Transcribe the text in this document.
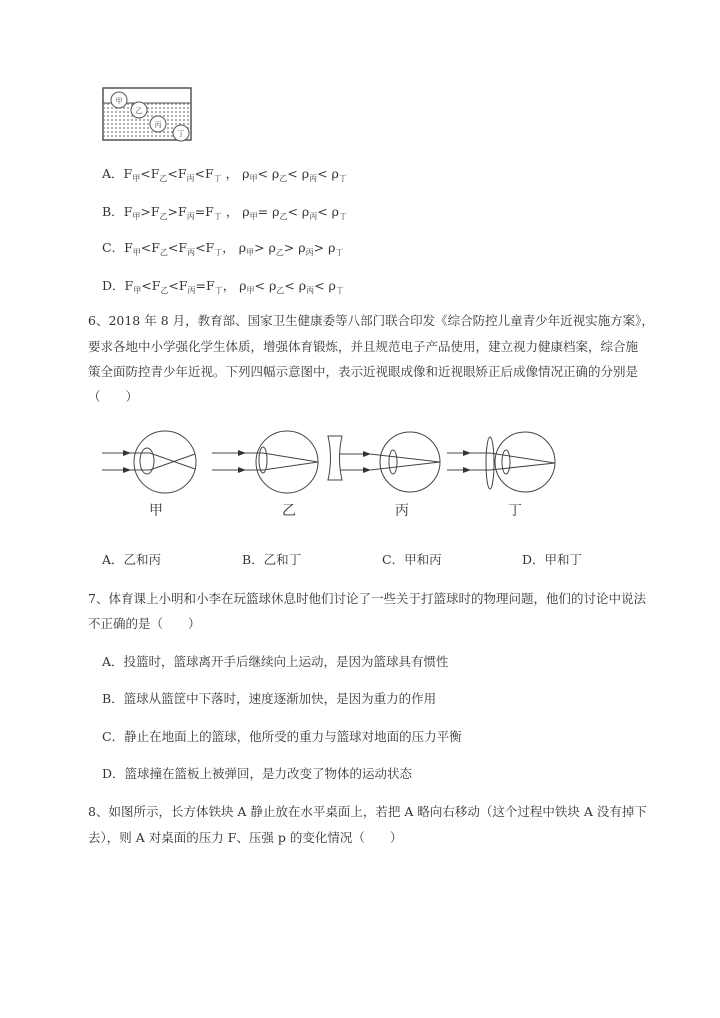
甲
乙
丙
丁
A．$F_甲<F_乙<F_丙<F_丁$ ， $\rho_甲< \rho_乙< \rho_丙< \rho_丁$
B．$F_甲>F_乙>F_丙=F_丁$ ， $\rho_甲= \rho_乙< \rho_丙< \rho_丁$
C．$F_甲<F_乙<F_丙<F_丁$， $\rho_甲> \rho_乙> \rho_丙> \rho_丁$
D．$F_甲<F_乙<F_丙=F_丁$， $\rho_甲< \rho_乙< \rho_丙< \rho_丁$
6、2018 年 8 月，教育部、国家卫生健康委等八部门联合印发《综合防控儿童青少年近视实施方案》，
要求各地中小学强化学生体质，增强体育锻炼，并且规范电子产品使用，建立视力健康档案，综合施
策全面防控青少年近视。下列四幅示意图中，表示近视眼成像和近视眼矫正后成像情况正确的分别是
（　　）
甲	乙	丙	丁
A．乙和丙	B．乙和丁	C．甲和丙	D．甲和丁
7、体育课上小明和小李在玩篮球休息时他们讨论了一些关于打篮球时的物理问题，他们的讨论中说法
不正确的是（　　）
A．投篮时，篮球离开手后继续向上运动，是因为篮球具有惯性
B．篮球从篮筐中下落时，速度逐渐加快，是因为重力的作用
C．静止在地面上的篮球，他所受的重力与篮球对地面的压力平衡
D．篮球撞在篮板上被弹回，是力改变了物体的运动状态
8、如图所示，长方体铁块 A 静止放在水平桌面上，若把 A 略向右移动（这个过程中铁块 A 没有掉下
去），则 A 对桌面的压力 F、压强 p 的变化情况（　　）
